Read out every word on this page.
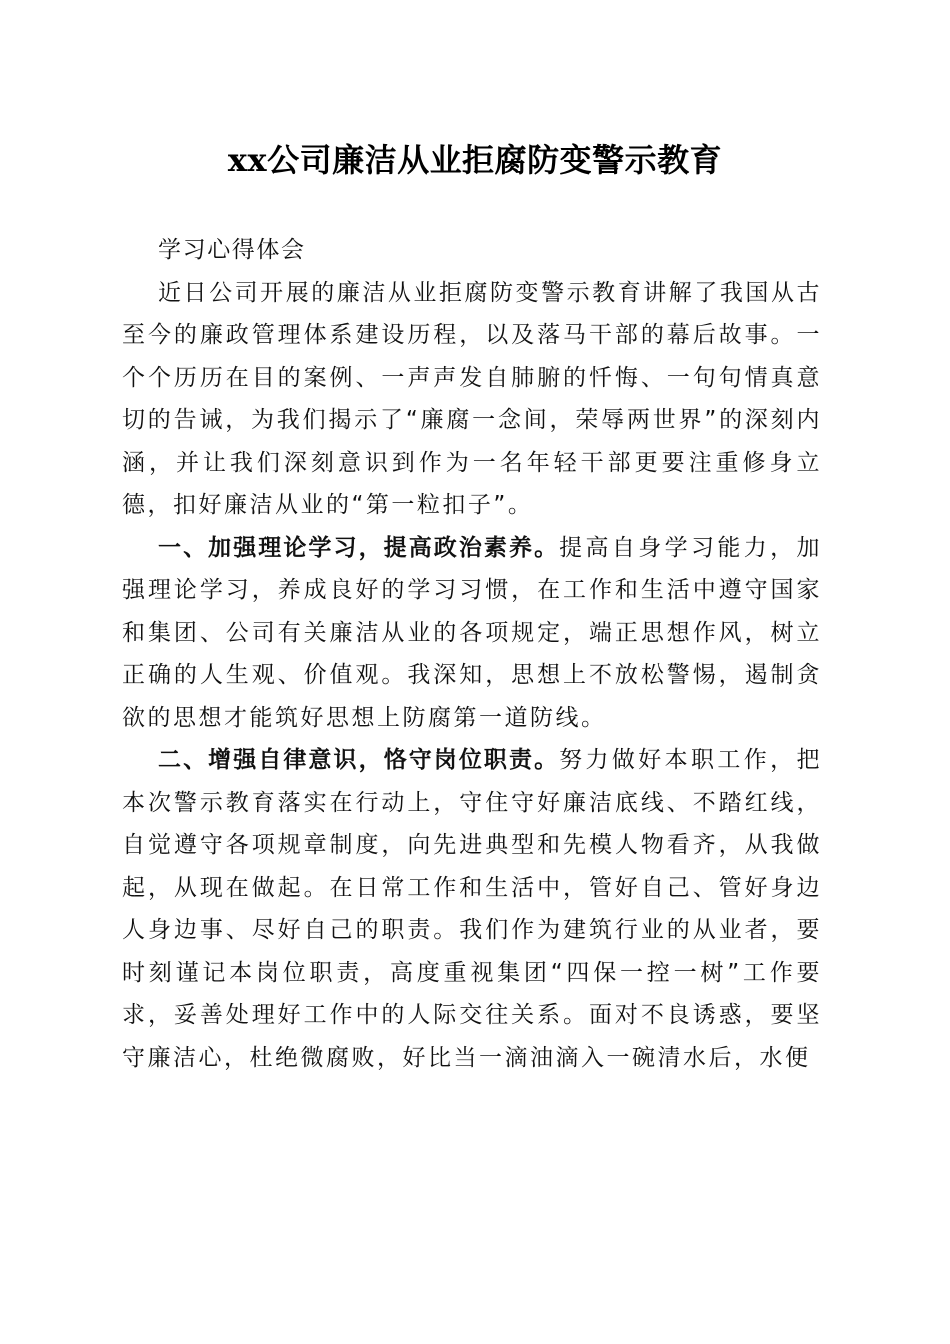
xx公司廉洁从业拒腐防变警示教育

学习心得体会

近日公司开展的廉洁从业拒腐防变警示教育讲解了我国从古至今的廉政管理体系建设历程，以及落马干部的幕后故事。一个个历历在目的案例、一声声发自肺腑的忏悔、一句句情真意切的告诫，为我们揭示了“廉腐一念间，荣辱两世界”的深刻内涵，并让我们深刻意识到作为一名年轻干部更要注重修身立德，扣好廉洁从业的“第一粒扣子”。

一、加强理论学习，提高政治素养。提高自身学习能力，加强理论学习，养成良好的学习习惯，在工作和生活中遵守国家和集团、公司有关廉洁从业的各项规定，端正思想作风，树立正确的人生观、价值观。我深知，思想上不放松警惕，遏制贪欲的思想才能筑好思想上防腐第一道防线。

二、增强自律意识，恪守岗位职责。努力做好本职工作，把本次警示教育落实在行动上，守住守好廉洁底线、不踏红线，自觉遵守各项规章制度，向先进典型和先模人物看齐，从我做起，从现在做起。在日常工作和生活中，管好自己、管好身边人身边事、尽好自己的职责。我们作为建筑行业的从业者，要时刻谨记本岗位职责，高度重视集团“四保一控一树”工作要求，妥善处理好工作中的人际交往关系。面对不良诱惑，要坚守廉洁心，杜绝微腐败，好比当一滴油滴入一碗清水后，水便
